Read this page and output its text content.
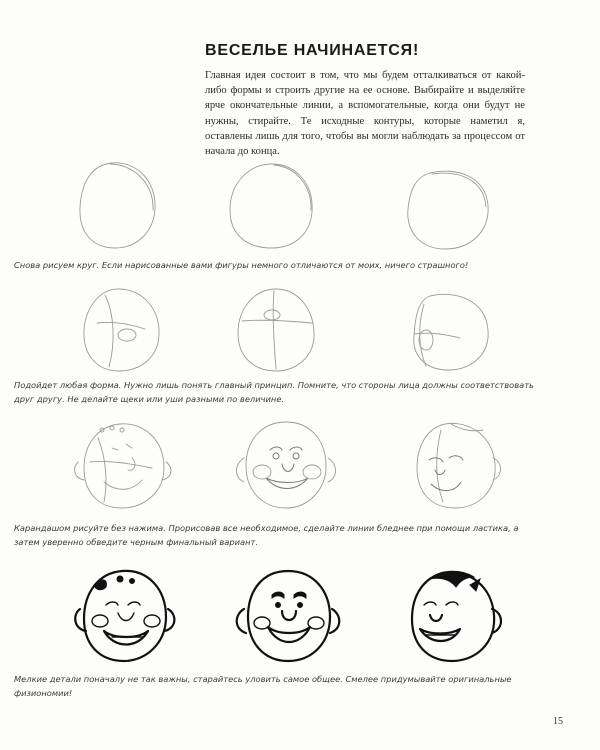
ВЕСЕЛЬЕ НАЧИНАЕТСЯ!

Главная идея состоит в том, что мы будем отталкиваться от какой-либо формы и строить другие на ее основе. Выбирайте и выделяйте ярче окончательные линии, а вспомогательные, когда они будут не нужны, стирайте. Те исходные контуры, которые наметил я, оставлены лишь для того, чтобы вы могли наблюдать за процессом от начала до конца.

Снова рисуем круг. Если нарисованные вами фигуры немного отличаются от моих, ничего страшного!

Подойдет любая форма. Нужно лишь понять главный принцип. Помните, что стороны лица должны соответствовать друг другу. Не делайте щеки или уши разными по величине.

Карандашом рисуйте без нажима. Прорисовав все необходимое, сделайте линии бледнее при помощи ластика, а затем уверенно обведите черным финальный вариант.

Мелкие детали поначалу не так важны, старайтесь уловить самое общее. Смелее придумывайте оригинальные физиономии!

15
